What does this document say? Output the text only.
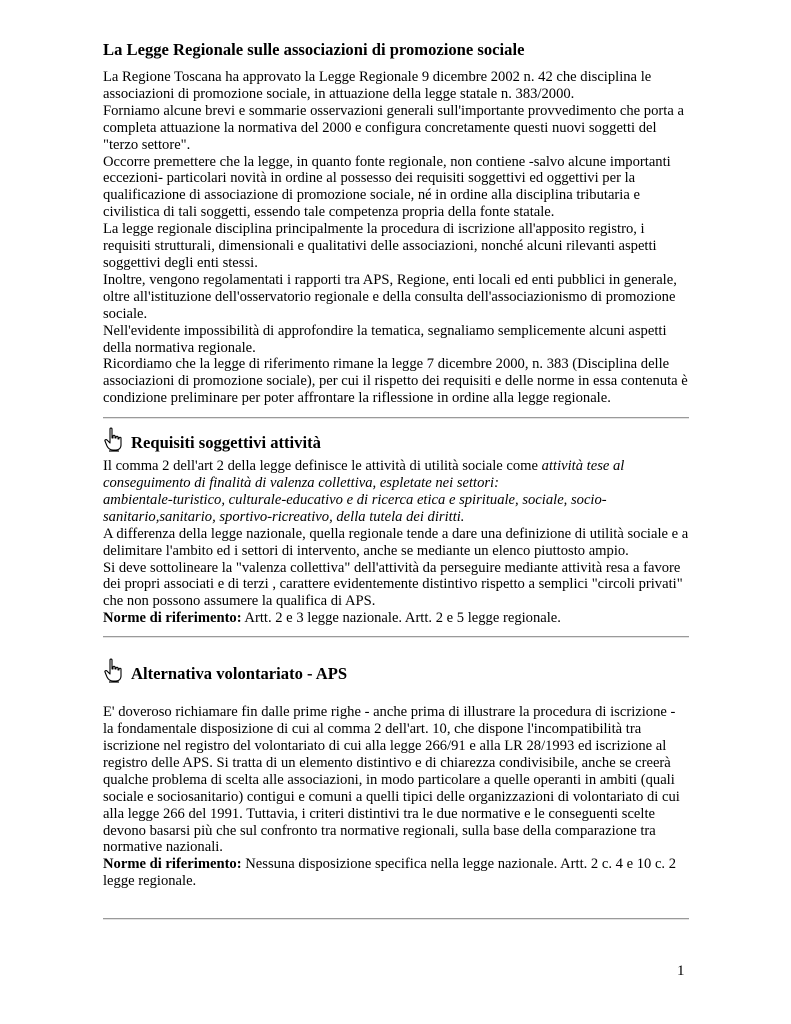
La Legge Regionale sulle associazioni di promozione sociale

La Regione Toscana ha approvato la Legge Regionale 9 dicembre 2002 n. 42 che disciplina le associazioni di promozione sociale, in attuazione della legge statale n. 383/2000.

Forniamo alcune brevi e sommarie osservazioni generali sull'importante provvedimento che porta a completa attuazione la normativa del 2000 e configura concretamente questi nuovi soggetti del "terzo settore".

Occorre premettere che la legge, in quanto fonte regionale, non contiene -salvo alcune importanti eccezioni- particolari novità in ordine al possesso dei requisiti soggettivi ed oggettivi per la qualificazione di associazione di promozione sociale, né in ordine alla disciplina tributaria e civilistica di tali soggetti, essendo tale competenza propria della fonte statale.

La legge regionale disciplina principalmente la procedura di iscrizione all'apposito registro, i requisiti strutturali, dimensionali e qualitativi delle associazioni, nonché alcuni rilevanti aspetti soggettivi degli enti stessi.

Inoltre, vengono regolamentati i rapporti tra APS, Regione, enti locali ed enti pubblici in generale, oltre all'istituzione dell'osservatorio regionale e della consulta dell'associazionismo di promozione sociale.

Nell'evidente impossibilità di approfondire la tematica, segnaliamo semplicemente alcuni aspetti della normativa regionale.

Ricordiamo che la legge di riferimento rimane la legge 7 dicembre 2000, n. 383 (Disciplina delle associazioni di promozione sociale), per cui il rispetto dei requisiti e delle norme in essa contenuta è condizione preliminare per poter affrontare la riflessione in ordine alla legge regionale.

Requisiti soggettivi attività

Il comma 2 dell'art 2 della legge definisce le attività di utilità sociale come attività tese al conseguimento di finalità di valenza collettiva, espletate nei settori:

ambientale-turistico, culturale-educativo e di ricerca etica e spirituale, sociale, socio-sanitario,sanitario, sportivo-ricreativo, della tutela dei diritti.

A differenza della legge nazionale, quella regionale tende a dare una definizione di utilità sociale e a delimitare l'ambito ed i settori di intervento, anche se mediante un elenco piuttosto ampio.

Si deve sottolineare la "valenza collettiva" dell'attività da perseguire mediante attività resa a favore dei propri associati e di terzi , carattere evidentemente distintivo rispetto a semplici "circoli privati" che non possono assumere la qualifica di APS.

Norme di riferimento: Artt. 2 e 3 legge nazionale. Artt. 2 e 5 legge regionale.

Alternativa volontariato - APS

E' doveroso richiamare fin dalle prime righe - anche prima di illustrare la procedura di iscrizione - la fondamentale disposizione di cui al comma 2 dell'art. 10, che dispone l'incompatibilità tra iscrizione nel registro del volontariato di cui alla legge 266/91 e alla LR 28/1993 ed iscrizione al registro delle APS. Si tratta di un elemento distintivo e di chiarezza condivisibile, anche se creerà qualche problema di scelta alle associazioni, in modo particolare a quelle operanti in ambiti (quali sociale e sociosanitario) contigui e comuni a quelli tipici delle organizzazioni di volontariato di cui alla legge 266 del 1991. Tuttavia, i criteri distintivi tra le due normative e le conseguenti scelte devono basarsi più che sul confronto tra normative regionali, sulla base della comparazione tra normative nazionali.

Norme di riferimento: Nessuna disposizione specifica nella legge nazionale. Artt. 2 c. 4 e 10 c. 2 legge regionale.

1
